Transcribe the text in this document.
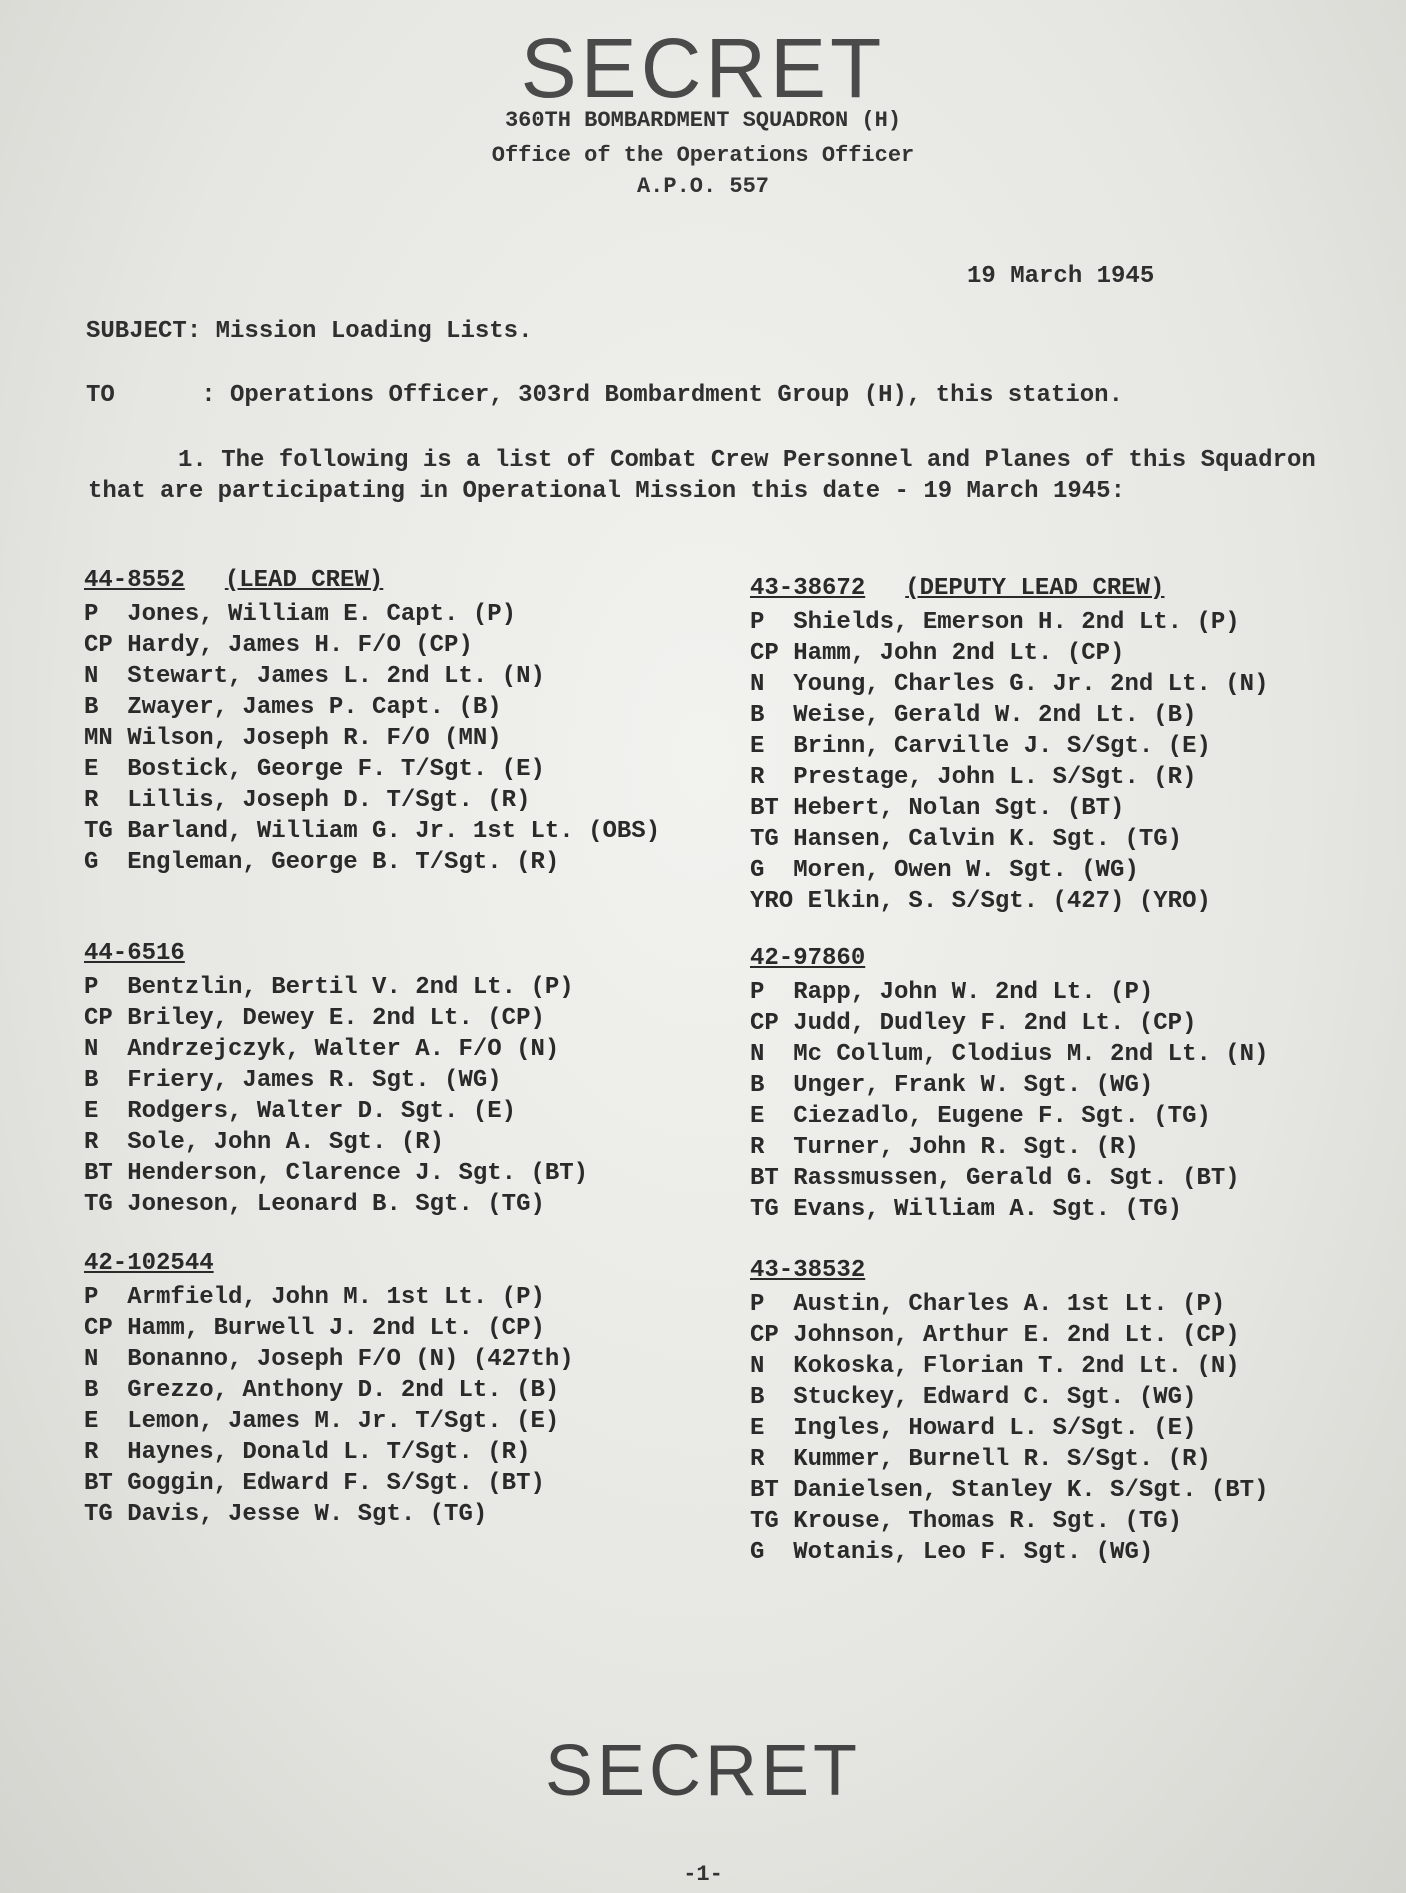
SECRET
360TH BOMBARDMENT SQUADRON (H)
Office of the Operations Officer
A.P.O. 557
19 March 1945
SUBJECT: Mission Loading Lists.
TO      : Operations Officer, 303rd Bombardment Group (H), this station.
1. The following is a list of Combat Crew Personnel and Planes of this Squadron that are participating in Operational Mission this date - 19 March 1945:
44-8552 (LEAD CREW)
P  Jones, William E. Capt. (P)
CP Hardy, James H. F/O (CP)
N  Stewart, James L. 2nd Lt. (N)
B  Zwayer, James P. Capt. (B)
MN Wilson, Joseph R. F/O (MN)
E  Bostick, George F. T/Sgt. (E)
R  Lillis, Joseph D. T/Sgt. (R)
TG Barland, William G. Jr. 1st Lt. (OBS)
G  Engleman, George B. T/Sgt. (R)
43-38672 (DEPUTY LEAD CREW)
P  Shields, Emerson H. 2nd Lt. (P)
CP Hamm, John 2nd Lt. (CP)
N  Young, Charles G. Jr. 2nd Lt. (N)
B  Weise, Gerald W. 2nd Lt. (B)
E  Brinn, Carville J. S/Sgt. (E)
R  Prestage, John L. S/Sgt. (R)
BT Hebert, Nolan Sgt. (BT)
TG Hansen, Calvin K. Sgt. (TG)
G  Moren, Owen W. Sgt. (WG)
YRO Elkin, S. S/Sgt. (427) (YRO)
44-6516
P  Bentzlin, Bertil V. 2nd Lt. (P)
CP Briley, Dewey E. 2nd Lt. (CP)
N  Andrzejczyk, Walter A. F/O (N)
B  Friery, James R. Sgt. (WG)
E  Rodgers, Walter D. Sgt. (E)
R  Sole, John A. Sgt. (R)
BT Henderson, Clarence J. Sgt. (BT)
TG Joneson, Leonard B. Sgt. (TG)
42-97860
P  Rapp, John W. 2nd Lt. (P)
CP Judd, Dudley F. 2nd Lt. (CP)
N  Mc Collum, Clodius M. 2nd Lt. (N)
B  Unger, Frank W. Sgt. (WG)
E  Ciezadlo, Eugene F. Sgt. (TG)
R  Turner, John R. Sgt. (R)
BT Rassmussen, Gerald G. Sgt. (BT)
TG Evans, William A. Sgt. (TG)
42-102544
P  Armfield, John M. 1st Lt. (P)
CP Hamm, Burwell J. 2nd Lt. (CP)
N  Bonanno, Joseph F/O (N) (427th)
B  Grezzo, Anthony D. 2nd Lt. (B)
E  Lemon, James M. Jr. T/Sgt. (E)
R  Haynes, Donald L. T/Sgt. (R)
BT Goggin, Edward F. S/Sgt. (BT)
TG Davis, Jesse W. Sgt. (TG)
43-38532
P  Austin, Charles A. 1st Lt. (P)
CP Johnson, Arthur E. 2nd Lt. (CP)
N  Kokoska, Florian T. 2nd Lt. (N)
B  Stuckey, Edward C. Sgt. (WG)
E  Ingles, Howard L. S/Sgt. (E)
R  Kummer, Burnell R. S/Sgt. (R)
BT Danielsen, Stanley K. S/Sgt. (BT)
TG Krouse, Thomas R. Sgt. (TG)
G  Wotanis, Leo F. Sgt. (WG)
SECRET
-1-
